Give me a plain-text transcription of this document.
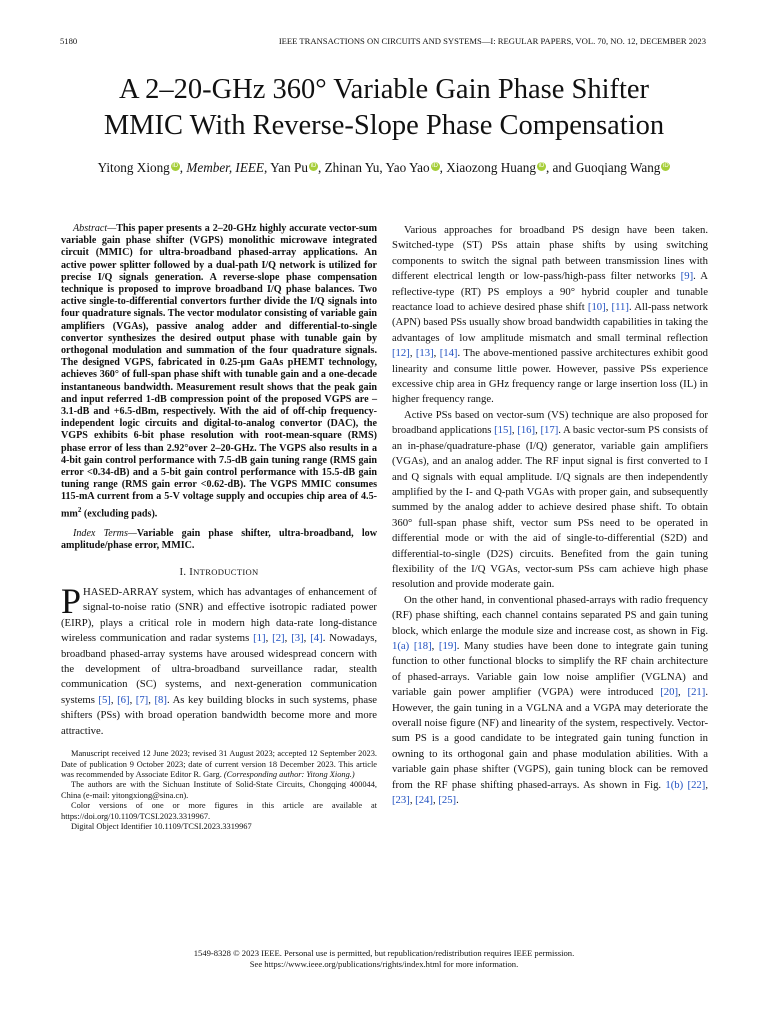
5180	IEEE TRANSACTIONS ON CIRCUITS AND SYSTEMS—I: REGULAR PAPERS, VOL. 70, NO. 12, DECEMBER 2023
A 2–20-GHz 360° Variable Gain Phase Shifter
MMIC With Reverse-Slope Phase Compensation
Yitong Xiong iD , Member, IEEE, Yan Pu iD , Zhinan Yu, Yao Yao iD , Xiaozong Huang iD , and Guoqiang Wang iD

Abstract—This paper presents a 2–20-GHz highly accurate vector-sum variable gain phase shifter (VGPS) monolithic microwave integrated circuit (MMIC) for ultra-broadband phased-array applications. An active power splitter followed by a dual-path I/Q network is utilized for precise I/Q signals generation. A reverse-slope phase compensation technique is proposed to improve broadband I/Q phase balances. Two active single-to-differential convertors further divide the I/Q signals into four quadrature signals. The vector modulator consisting of variable gain amplifiers (VGAs), passive analog adder and differential-to-single convertor synthesizes the desired output phase with tunable gain by orthogonal modulation and summation of the four quadrature signals. The designed VGPS, fabricated in 0.25-μm GaAs pHEMT technology, achieves 360° of full-span phase shift with tunable gain and a one-decade instantaneous bandwidth. Measurement result shows that the peak gain and input referred 1-dB compression point of the proposed VGPS are –3.1-dB and +6.5-dBm, respectively. With the aid of off-chip frequency-independent logic circuits and digital-to-analog convertor (DAC), the VGPS exhibits 6-bit phase resolution with root-mean-square (RMS) phase error of less than 2.92°over 2–20-GHz. The VGPS also results in a 4-bit gain control performance with 7.5-dB gain tuning range (RMS gain error <0.34-dB) and a 5-bit gain control performance with 15.5-dB gain tuning range (RMS gain error <0.62-dB). The VGPS MMIC consumes 115-mA current from a 5-V voltage supply and occupies chip area of $4.5-mm^2$ (excluding pads).

Index Terms—Variable gain phase shifter, ultra-broadband, low amplitude/phase error, MMIC.

I. INTRODUCTION

PHASED-ARRAY system, which has advantages of enhancement of signal-to-noise ratio (SNR) and effective isotropic radiated power (EIRP), plays a critical role in modern high data-rate long-distance wireless communication and radar systems [1], [2], [3], [4]. Nowadays, broadband phased-array systems have aroused widespread concern with the development of ultra-broadband surveillance radar, stealth communication (SC) systems, and next-generation communication systems [5], [6], [7], [8]. As key building blocks in such systems, phase shifters (PSs) with broad operation bandwidth become more and more attractive.

Manuscript received 12 June 2023; revised 31 August 2023; accepted 12 September 2023. Date of publication 9 October 2023; date of current version 18 December 2023. This article was recommended by Associate Editor R. Garg. (Corresponding author: Yitong Xiong.)

The authors are with the Sichuan Institute of Solid-State Circuits, Chongqing 400044, China (e-mail: yitongxiong@sina.cn).

Color versions of one or more figures in this article are available at https://doi.org/10.1109/TCSI.2023.3319967.

Digital Object Identifier 10.1109/TCSI.2023.3319967

Various approaches for broadband PS design have been taken. Switched-type (ST) PSs attain phase shifts by using switching components to switch the signal path between transmission lines with different electrical length or low-pass/high-pass filter networks [9]. A reflective-type (RT) PS employs a 90° hybrid coupler and tunable reactance load to achieve desired phase shift [10], [11]. All-pass network (APN) based PSs usually show broad bandwidth capabilities in taking the advantages of low amplitude mismatch and small terminal reflection [12], [13], [14]. The above-mentioned passive architectures exhibit good linearity and consume little power. However, passive PSs experience excessive chip area in GHz frequency range or large insertion loss (IL) in higher frequency range.

Active PSs based on vector-sum (VS) technique are also proposed for broadband applications [15], [16], [17]. A basic vector-sum PS consists of an in-phase/quadrature-phase (I/Q) generator, variable gain amplifiers (VGAs), and an analog adder. The RF input signal is first converted to I and Q signals with equal amplitude. I/Q signals are then independently amplified by the I- and Q-path VGAs with proper gain, and subsequently summed by the analog adder to achieve desired phase shift. To obtain 360° full-span phase shift, vector sum PSs need to be operated in differential mode or with the aid of single-to-differential (S2D) and differential-to-single (D2S) circuits. Benefited from the gain tuning flexibility of the I/Q VGAs, vector-sum PSs cam achieve high phase resolution and provide moderate gain.

On the other hand, in conventional phased-arrays with radio frequency (RF) phase shifting, each channel contains separated PS and gain tuning block, which enlarge the module size and increase cost, as shown in Fig. 1(a) [18], [19]. Many studies have been done to integrate gain tuning function to other functional blocks to simplify the RF chain architecture of phased-arrays. Variable gain low noise amplifier (VGLNA) and variable gain power amplifier (VGPA) were introduced [20], [21]. However, the gain tuning in a VGLNA and a VGPA may deteriorate the overall noise figure (NF) and linearity of the system, respectively. Vector-sum PS is a good candidate to be integrated gain tuning function in owning to its orthogonal gain and phase modulation abilities. With a variable gain phase shifter (VGPS), gain tuning block can be removed from the RF phase shifting phased-arrays. As shown in Fig. 1(b) [22], [23], [24], [25].

1549-8328 © 2023 IEEE. Personal use is permitted, but republication/redistribution requires IEEE permission.
See https://www.ieee.org/publications/rights/index.html for more information.
